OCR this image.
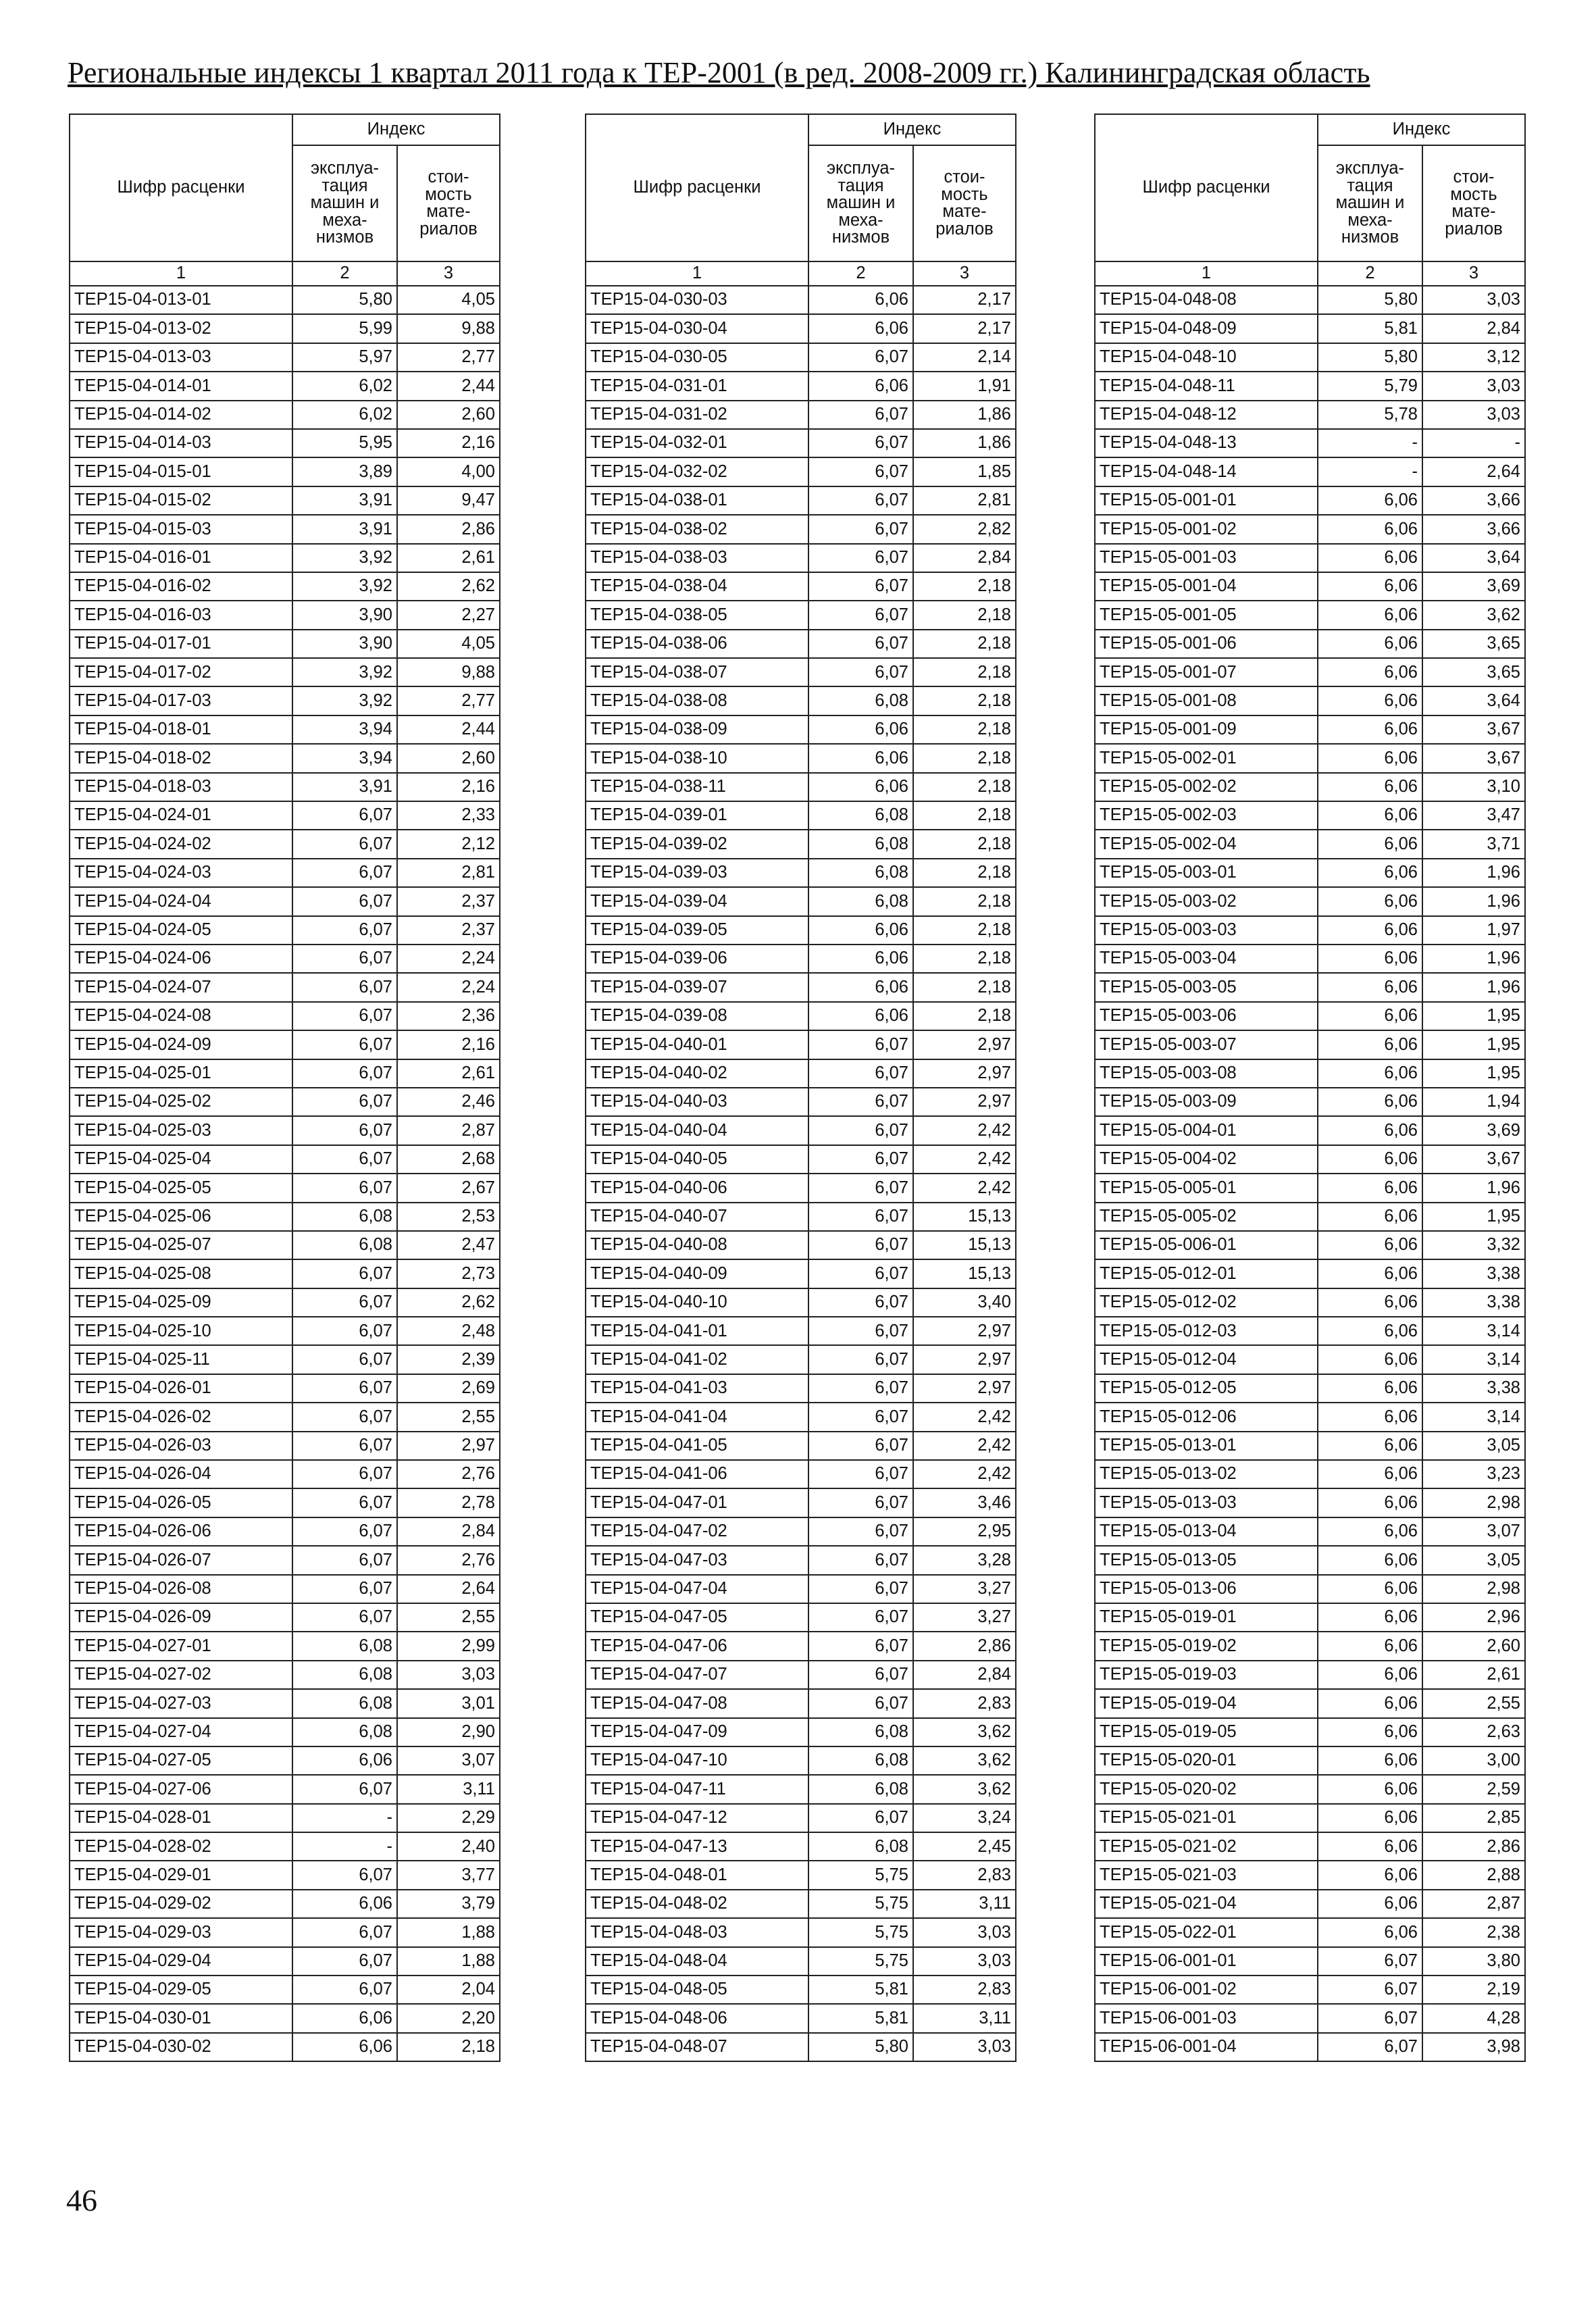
Региональные индексы 1 квартал 2011 года к ТЕР-2001 (в ред. 2008-2009 гг.) Калининградская область
Шифр расценки	Индекс	
	эксплуа-
тация
машин и
меха-
низмов	стои-
мость
мате-
риалов
1	2	3
ТЕР15-04-013-01	5,80	4,05
ТЕР15-04-013-02	5,99	9,88
ТЕР15-04-013-03	5,97	2,77
ТЕР15-04-014-01	6,02	2,44
ТЕР15-04-014-02	6,02	2,60
ТЕР15-04-014-03	5,95	2,16
ТЕР15-04-015-01	3,89	4,00
ТЕР15-04-015-02	3,91	9,47
ТЕР15-04-015-03	3,91	2,86
ТЕР15-04-016-01	3,92	2,61
ТЕР15-04-016-02	3,92	2,62
ТЕР15-04-016-03	3,90	2,27
ТЕР15-04-017-01	3,90	4,05
ТЕР15-04-017-02	3,92	9,88
ТЕР15-04-017-03	3,92	2,77
ТЕР15-04-018-01	3,94	2,44
ТЕР15-04-018-02	3,94	2,60
ТЕР15-04-018-03	3,91	2,16
ТЕР15-04-024-01	6,07	2,33
ТЕР15-04-024-02	6,07	2,12
ТЕР15-04-024-03	6,07	2,81
ТЕР15-04-024-04	6,07	2,37
ТЕР15-04-024-05	6,07	2,37
ТЕР15-04-024-06	6,07	2,24
ТЕР15-04-024-07	6,07	2,24
ТЕР15-04-024-08	6,07	2,36
ТЕР15-04-024-09	6,07	2,16
ТЕР15-04-025-01	6,07	2,61
ТЕР15-04-025-02	6,07	2,46
ТЕР15-04-025-03	6,07	2,87
ТЕР15-04-025-04	6,07	2,68
ТЕР15-04-025-05	6,07	2,67
ТЕР15-04-025-06	6,08	2,53
ТЕР15-04-025-07	6,08	2,47
ТЕР15-04-025-08	6,07	2,73
ТЕР15-04-025-09	6,07	2,62
ТЕР15-04-025-10	6,07	2,48
ТЕР15-04-025-11	6,07	2,39
ТЕР15-04-026-01	6,07	2,69
ТЕР15-04-026-02	6,07	2,55
ТЕР15-04-026-03	6,07	2,97
ТЕР15-04-026-04	6,07	2,76
ТЕР15-04-026-05	6,07	2,78
ТЕР15-04-026-06	6,07	2,84
ТЕР15-04-026-07	6,07	2,76
ТЕР15-04-026-08	6,07	2,64
ТЕР15-04-026-09	6,07	2,55
ТЕР15-04-027-01	6,08	2,99
ТЕР15-04-027-02	6,08	3,03
ТЕР15-04-027-03	6,08	3,01
ТЕР15-04-027-04	6,08	2,90
ТЕР15-04-027-05	6,06	3,07
ТЕР15-04-027-06	6,07	3,11
ТЕР15-04-028-01	-	2,29
ТЕР15-04-028-02	-	2,40
ТЕР15-04-029-01	6,07	3,77
ТЕР15-04-029-02	6,06	3,79
ТЕР15-04-029-03	6,07	1,88
ТЕР15-04-029-04	6,07	1,88
ТЕР15-04-029-05	6,07	2,04
ТЕР15-04-030-01	6,06	2,20
ТЕР15-04-030-02	6,06	2,18
Шифр расценки	Индекс	
	эксплуа-
тация
машин и
меха-
низмов	стои-
мость
мате-
риалов
1	2	3
ТЕР15-04-030-03	6,06	2,17
ТЕР15-04-030-04	6,06	2,17
ТЕР15-04-030-05	6,07	2,14
ТЕР15-04-031-01	6,06	1,91
ТЕР15-04-031-02	6,07	1,86
ТЕР15-04-032-01	6,07	1,86
ТЕР15-04-032-02	6,07	1,85
ТЕР15-04-038-01	6,07	2,81
ТЕР15-04-038-02	6,07	2,82
ТЕР15-04-038-03	6,07	2,84
ТЕР15-04-038-04	6,07	2,18
ТЕР15-04-038-05	6,07	2,18
ТЕР15-04-038-06	6,07	2,18
ТЕР15-04-038-07	6,07	2,18
ТЕР15-04-038-08	6,08	2,18
ТЕР15-04-038-09	6,06	2,18
ТЕР15-04-038-10	6,06	2,18
ТЕР15-04-038-11	6,06	2,18
ТЕР15-04-039-01	6,08	2,18
ТЕР15-04-039-02	6,08	2,18
ТЕР15-04-039-03	6,08	2,18
ТЕР15-04-039-04	6,08	2,18
ТЕР15-04-039-05	6,06	2,18
ТЕР15-04-039-06	6,06	2,18
ТЕР15-04-039-07	6,06	2,18
ТЕР15-04-039-08	6,06	2,18
ТЕР15-04-040-01	6,07	2,97
ТЕР15-04-040-02	6,07	2,97
ТЕР15-04-040-03	6,07	2,97
ТЕР15-04-040-04	6,07	2,42
ТЕР15-04-040-05	6,07	2,42
ТЕР15-04-040-06	6,07	2,42
ТЕР15-04-040-07	6,07	15,13
ТЕР15-04-040-08	6,07	15,13
ТЕР15-04-040-09	6,07	15,13
ТЕР15-04-040-10	6,07	3,40
ТЕР15-04-041-01	6,07	2,97
ТЕР15-04-041-02	6,07	2,97
ТЕР15-04-041-03	6,07	2,97
ТЕР15-04-041-04	6,07	2,42
ТЕР15-04-041-05	6,07	2,42
ТЕР15-04-041-06	6,07	2,42
ТЕР15-04-047-01	6,07	3,46
ТЕР15-04-047-02	6,07	2,95
ТЕР15-04-047-03	6,07	3,28
ТЕР15-04-047-04	6,07	3,27
ТЕР15-04-047-05	6,07	3,27
ТЕР15-04-047-06	6,07	2,86
ТЕР15-04-047-07	6,07	2,84
ТЕР15-04-047-08	6,07	2,83
ТЕР15-04-047-09	6,08	3,62
ТЕР15-04-047-10	6,08	3,62
ТЕР15-04-047-11	6,08	3,62
ТЕР15-04-047-12	6,07	3,24
ТЕР15-04-047-13	6,08	2,45
ТЕР15-04-048-01	5,75	2,83
ТЕР15-04-048-02	5,75	3,11
ТЕР15-04-048-03	5,75	3,03
ТЕР15-04-048-04	5,75	3,03
ТЕР15-04-048-05	5,81	2,83
ТЕР15-04-048-06	5,81	3,11
ТЕР15-04-048-07	5,80	3,03
Шифр расценки	Индекс	
	эксплуа-
тация
машин и
меха-
низмов	стои-
мость
мате-
риалов
1	2	3
ТЕР15-04-048-08	5,80	3,03
ТЕР15-04-048-09	5,81	2,84
ТЕР15-04-048-10	5,80	3,12
ТЕР15-04-048-11	5,79	3,03
ТЕР15-04-048-12	5,78	3,03
ТЕР15-04-048-13	-	-
ТЕР15-04-048-14	-	2,64
ТЕР15-05-001-01	6,06	3,66
ТЕР15-05-001-02	6,06	3,66
ТЕР15-05-001-03	6,06	3,64
ТЕР15-05-001-04	6,06	3,69
ТЕР15-05-001-05	6,06	3,62
ТЕР15-05-001-06	6,06	3,65
ТЕР15-05-001-07	6,06	3,65
ТЕР15-05-001-08	6,06	3,64
ТЕР15-05-001-09	6,06	3,67
ТЕР15-05-002-01	6,06	3,67
ТЕР15-05-002-02	6,06	3,10
ТЕР15-05-002-03	6,06	3,47
ТЕР15-05-002-04	6,06	3,71
ТЕР15-05-003-01	6,06	1,96
ТЕР15-05-003-02	6,06	1,96
ТЕР15-05-003-03	6,06	1,97
ТЕР15-05-003-04	6,06	1,96
ТЕР15-05-003-05	6,06	1,96
ТЕР15-05-003-06	6,06	1,95
ТЕР15-05-003-07	6,06	1,95
ТЕР15-05-003-08	6,06	1,95
ТЕР15-05-003-09	6,06	1,94
ТЕР15-05-004-01	6,06	3,69
ТЕР15-05-004-02	6,06	3,67
ТЕР15-05-005-01	6,06	1,96
ТЕР15-05-005-02	6,06	1,95
ТЕР15-05-006-01	6,06	3,32
ТЕР15-05-012-01	6,06	3,38
ТЕР15-05-012-02	6,06	3,38
ТЕР15-05-012-03	6,06	3,14
ТЕР15-05-012-04	6,06	3,14
ТЕР15-05-012-05	6,06	3,38
ТЕР15-05-012-06	6,06	3,14
ТЕР15-05-013-01	6,06	3,05
ТЕР15-05-013-02	6,06	3,23
ТЕР15-05-013-03	6,06	2,98
ТЕР15-05-013-04	6,06	3,07
ТЕР15-05-013-05	6,06	3,05
ТЕР15-05-013-06	6,06	2,98
ТЕР15-05-019-01	6,06	2,96
ТЕР15-05-019-02	6,06	2,60
ТЕР15-05-019-03	6,06	2,61
ТЕР15-05-019-04	6,06	2,55
ТЕР15-05-019-05	6,06	2,63
ТЕР15-05-020-01	6,06	3,00
ТЕР15-05-020-02	6,06	2,59
ТЕР15-05-021-01	6,06	2,85
ТЕР15-05-021-02	6,06	2,86
ТЕР15-05-021-03	6,06	2,88
ТЕР15-05-021-04	6,06	2,87
ТЕР15-05-022-01	6,06	2,38
ТЕР15-06-001-01	6,07	3,80
ТЕР15-06-001-02	6,07	2,19
ТЕР15-06-001-03	6,07	4,28
ТЕР15-06-001-04	6,07	3,98
46
